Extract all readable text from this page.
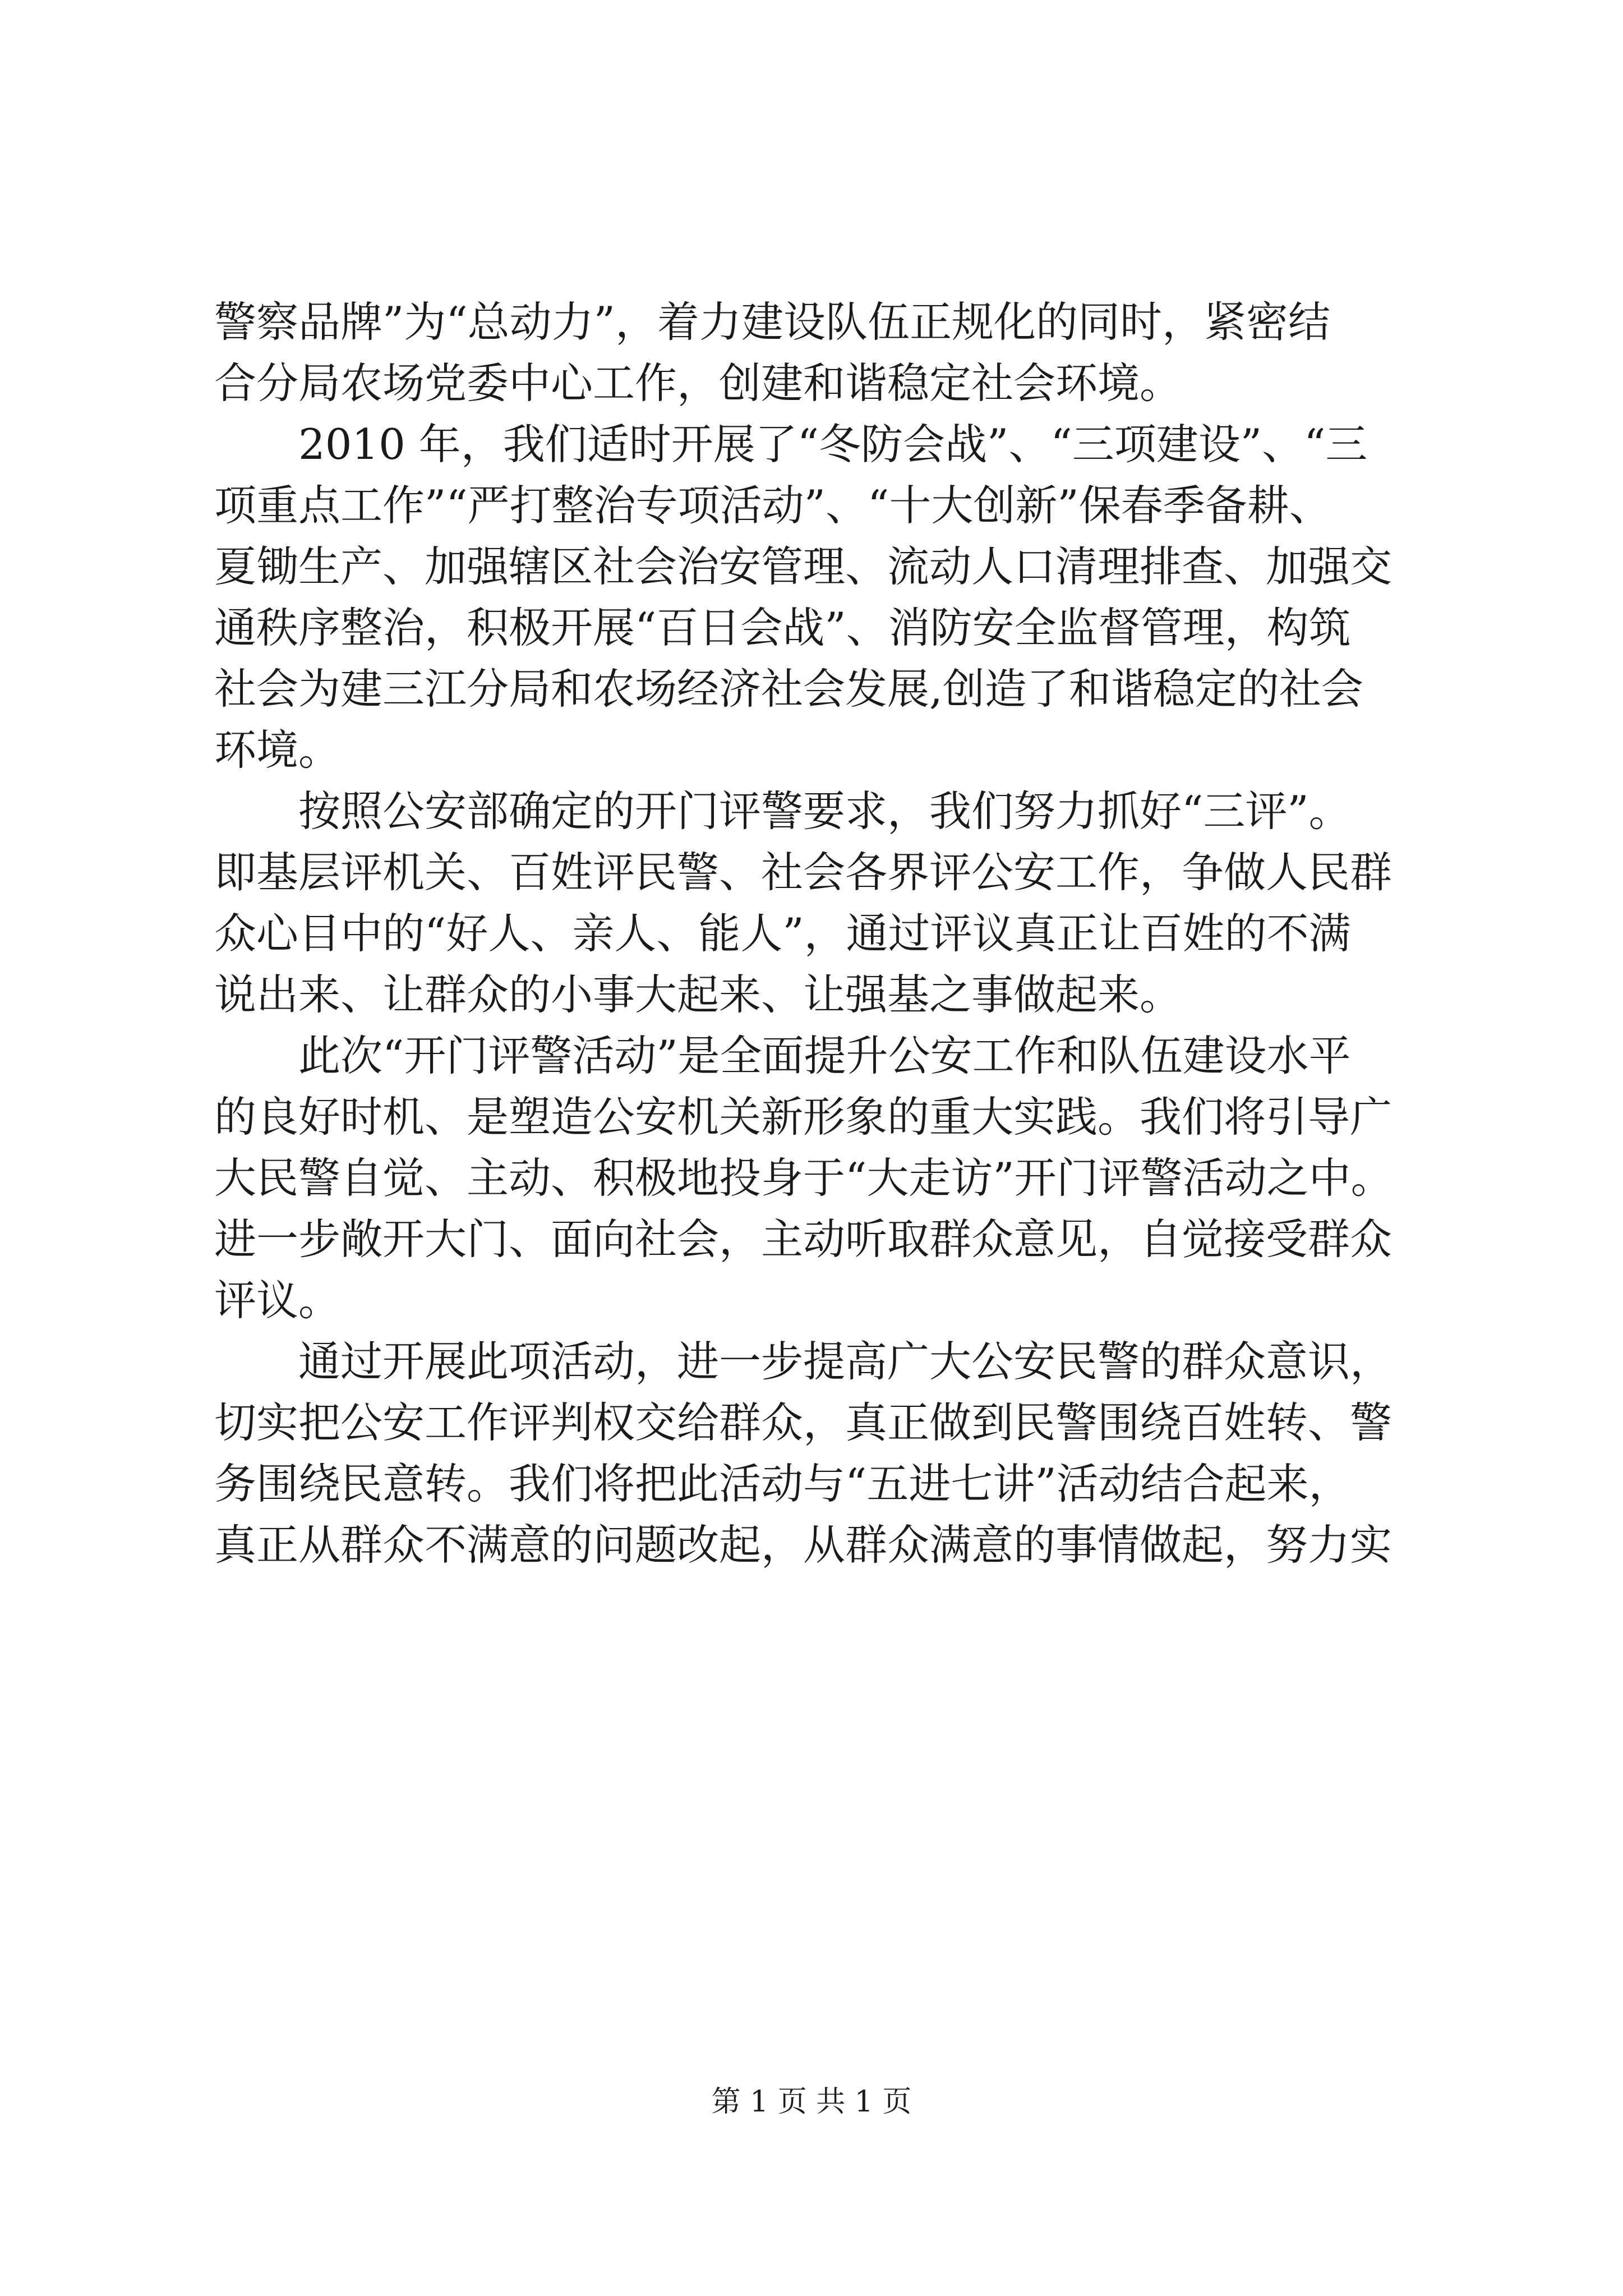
警察品牌”为“总动力”，着力建设队伍正规化的同时，紧密结
合分局农场党委中心工作，创建和谐稳定社会环境。
　　2010 年，我们适时开展了“冬防会战”、“三项建设”、“三
项重点工作”“严打整治专项活动”、“十大创新”保春季备耕、
夏锄生产、加强辖区社会治安管理、流动人口清理排查、加强交
通秩序整治，积极开展“百日会战”、消防安全监督管理，构筑
社会为建三江分局和农场经济社会发展,创造了和谐稳定的社会
环境。
　　按照公安部确定的开门评警要求，我们努力抓好“三评”。
即基层评机关、百姓评民警、社会各界评公安工作，争做人民群
众心目中的“好人、亲人、能人”，通过评议真正让百姓的不满
说出来、让群众的小事大起来、让强基之事做起来。
　　此次“开门评警活动”是全面提升公安工作和队伍建设水平
的良好时机、是塑造公安机关新形象的重大实践。我们将引导广
大民警自觉、主动、积极地投身于“大走访”开门评警活动之中。
进一步敞开大门、面向社会，主动听取群众意见，自觉接受群众
评议。
　　通过开展此项活动，进一步提高广大公安民警的群众意识，
切实把公安工作评判权交给群众，真正做到民警围绕百姓转、警
务围绕民意转。我们将把此活动与“五进七讲”活动结合起来，
真正从群众不满意的问题改起，从群众满意的事情做起，努力实
第 1 页 共 1 页
